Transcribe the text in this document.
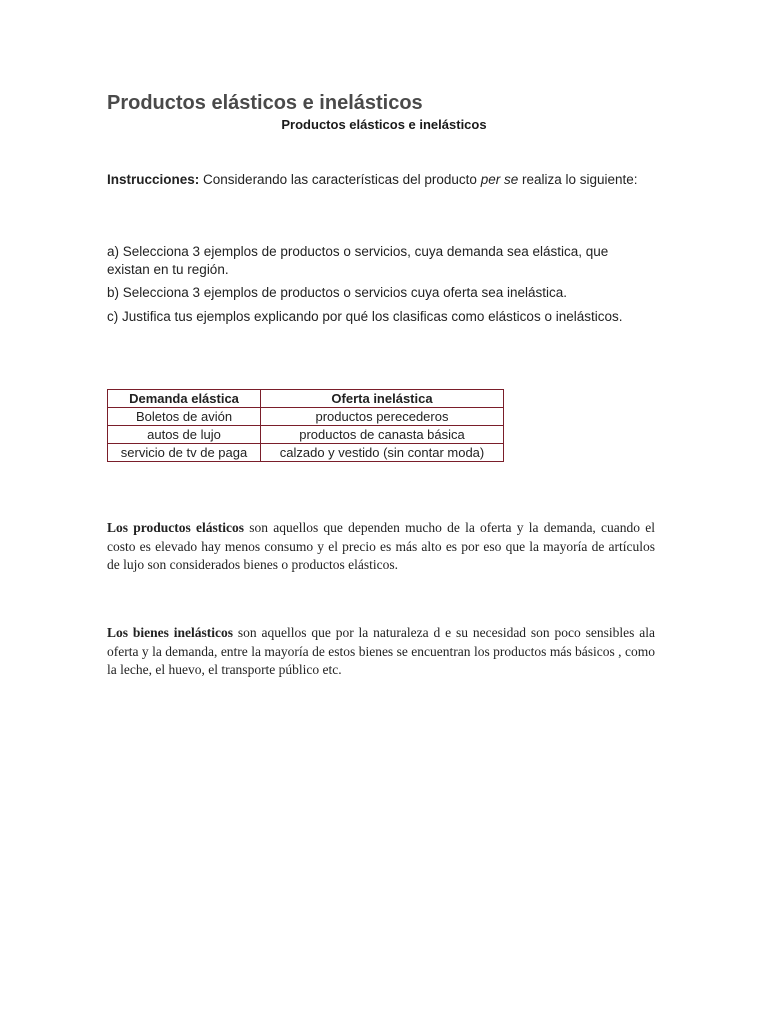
Productos elásticos e inelásticos
Productos elásticos e inelásticos
Instrucciones: Considerando las características del producto per se realiza lo siguiente:
a) Selecciona 3 ejemplos de productos o servicios, cuya demanda sea elástica, que existan en tu región.
b) Selecciona 3 ejemplos de productos o servicios cuya oferta sea inelástica.
c) Justifica tus ejemplos explicando por qué los clasificas como elásticos o inelásticos.
Demanda elástica	Oferta inelástica
Boletos de avión	productos perecederos
autos de lujo	productos de canasta básica
servicio de tv de paga	calzado y vestido (sin contar moda)
Los productos elásticos son aquellos que dependen mucho de la oferta y la demanda, cuando el costo es elevado hay menos consumo y el precio es más alto es por eso que la mayoría de artículos de lujo son considerados bienes o productos elásticos.
Los bienes inelásticos son aquellos que por la naturaleza d e su necesidad son poco sensibles ala oferta y la demanda, entre la mayoría de estos bienes se encuentran los productos más básicos , como la leche, el huevo, el transporte público etc.
